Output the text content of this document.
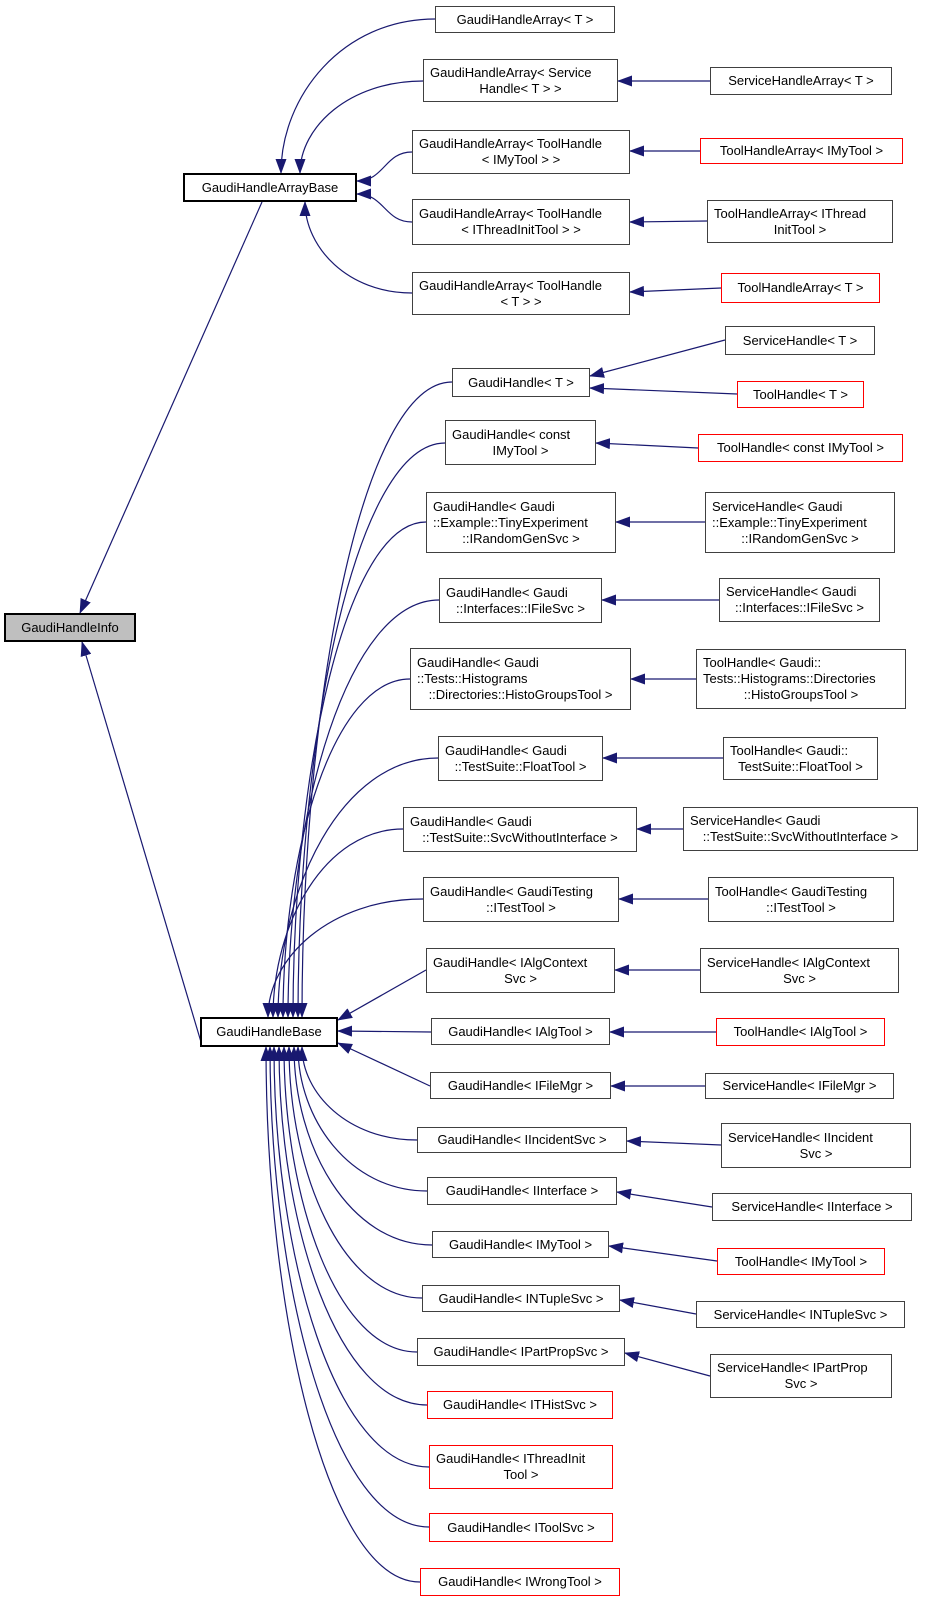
GaudiHandleInfo
GaudiHandleArrayBase
GaudiHandleBase
GaudiHandleArray< T >
GaudiHandleArray< Service
Handle< T > >
GaudiHandleArray< ToolHandle
< IMyTool > >
GaudiHandleArray< ToolHandle
< IThreadInitTool > >
GaudiHandleArray< ToolHandle
< T > >
ServiceHandleArray< T >
ToolHandleArray< IMyTool >
ToolHandleArray< IThread
InitTool >
ToolHandleArray< T >
GaudiHandle< T >
GaudiHandle< const
IMyTool >
GaudiHandle< Gaudi
::Example::TinyExperiment
::IRandomGenSvc >
GaudiHandle< Gaudi
::Interfaces::IFileSvc >
GaudiHandle< Gaudi
::Tests::Histograms
::Directories::HistoGroupsTool >
GaudiHandle< Gaudi
::TestSuite::FloatTool >
GaudiHandle< Gaudi
::TestSuite::SvcWithoutInterface >
GaudiHandle< GaudiTesting
::ITestTool >
GaudiHandle< IAlgContext
Svc >
GaudiHandle< IAlgTool >
GaudiHandle< IFileMgr >
GaudiHandle< IIncidentSvc >
GaudiHandle< IInterface >
GaudiHandle< IMyTool >
GaudiHandle< INTupleSvc >
GaudiHandle< IPartPropSvc >
GaudiHandle< ITHistSvc >
GaudiHandle< IThreadInit
Tool >
GaudiHandle< IToolSvc >
GaudiHandle< IWrongTool >
ServiceHandle< T >
ToolHandle< T >
ToolHandle< const IMyTool >
ServiceHandle< Gaudi
::Example::TinyExperiment
::IRandomGenSvc >
ServiceHandle< Gaudi
::Interfaces::IFileSvc >
ToolHandle< Gaudi::
Tests::Histograms::Directories
::HistoGroupsTool >
ToolHandle< Gaudi::
TestSuite::FloatTool >
ServiceHandle< Gaudi
::TestSuite::SvcWithoutInterface >
ToolHandle< GaudiTesting
::ITestTool >
ServiceHandle< IAlgContext
Svc >
ToolHandle< IAlgTool >
ServiceHandle< IFileMgr >
ServiceHandle< IIncident
Svc >
ServiceHandle< IInterface >
ToolHandle< IMyTool >
ServiceHandle< INTupleSvc >
ServiceHandle< IPartProp
Svc >
